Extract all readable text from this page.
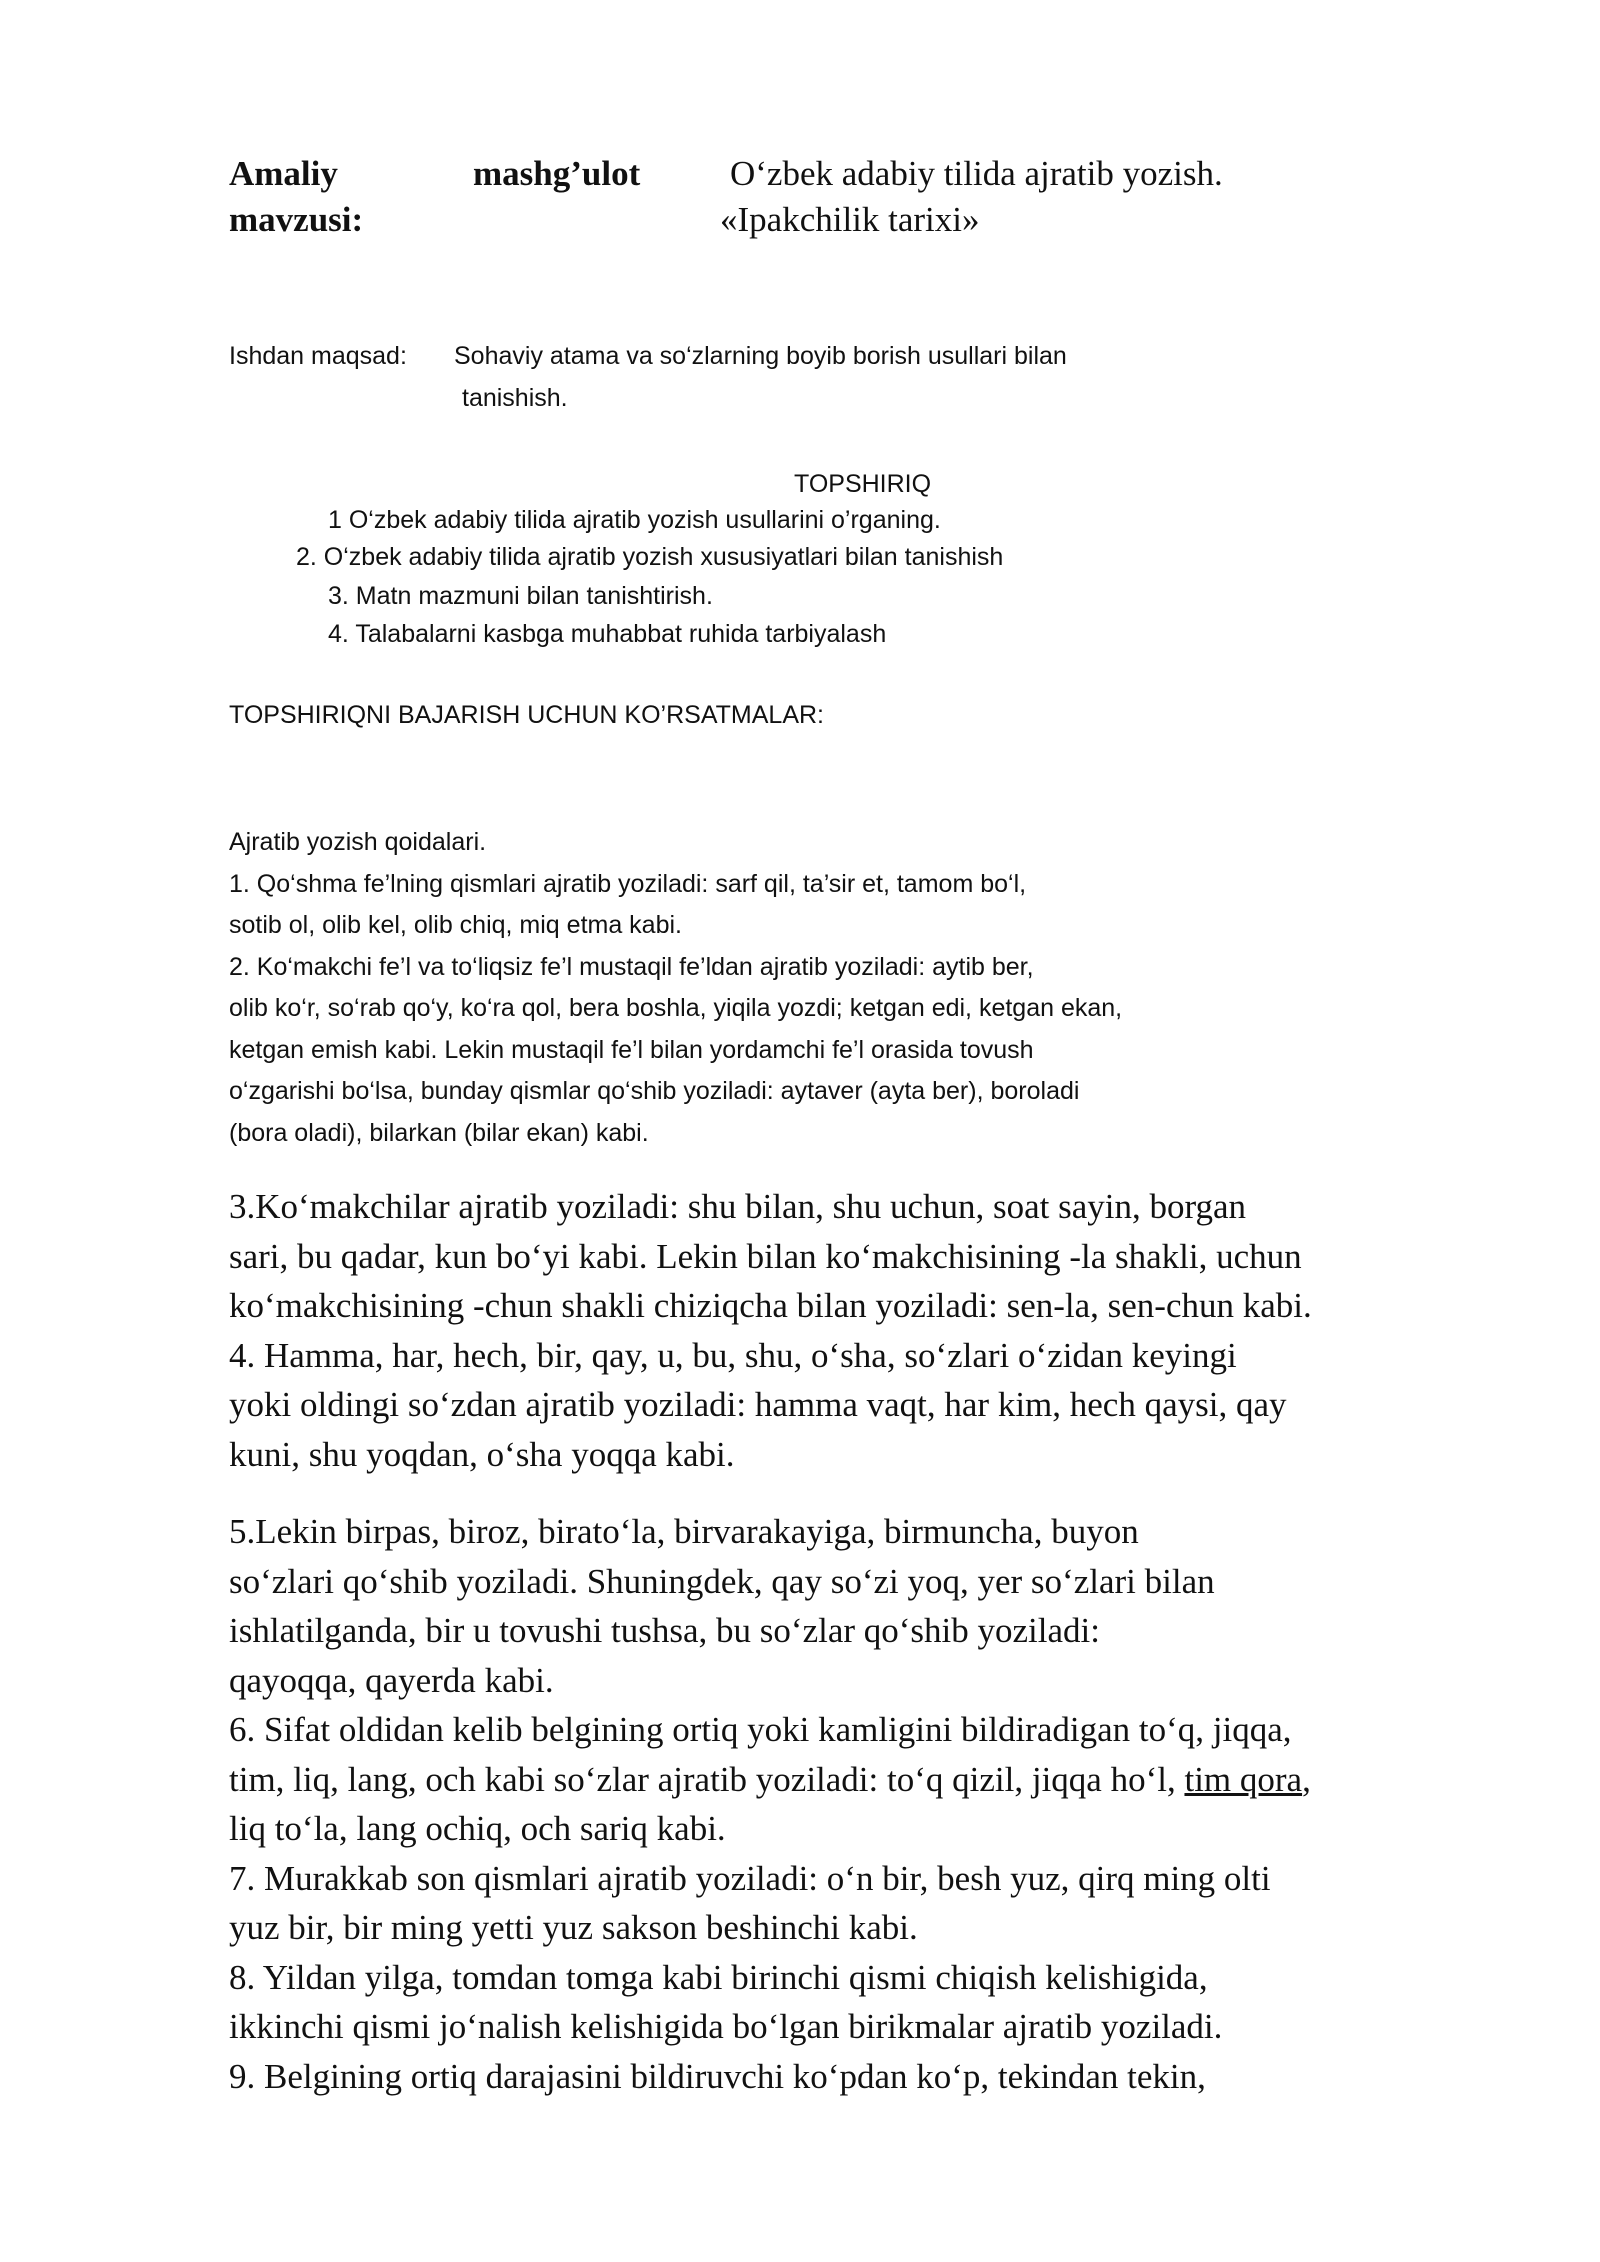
Amaliy	mashg’ulot
mavzusi:
O‘zbek adabiy tilida ajratib yozish.
«Ipakchilik tarixi»
Ishdan maqsad: Sohaviy atama va so‘zlarning boyib borish usullari bilan
tanishish.
TOPSHIRIQ
1 O‘zbek adabiy tilida ajratib yozish usullarini o’rganing.
2. O‘zbek adabiy tilida ajratib yozish xususiyatlari bilan tanishish
3. Matn mazmuni bilan tanishtirish.
4. Talabalarni kasbga muhabbat ruhida tarbiyalash
TOPSHIRIQNI BAJARISH UCHUN KO’RSATMALAR:
Ajratib yozish qoidalari.
1. Qo‘shma fe’lning qismlari ajratib yoziladi: sarf qil, ta’sir et, tamom bo‘l,
sotib ol, olib kel, olib chiq, miq etma kabi.
2. Ko‘makchi fe’l va to‘liqsiz fe’l mustaqil fe’ldan ajratib yoziladi: aytib ber,
olib ko‘r, so‘rab qo‘y, ko‘ra qol, bera boshla, yiqila yozdi; ketgan edi, ketgan ekan,
ketgan emish kabi. Lekin mustaqil fe’l bilan yordamchi fe’l orasida tovush
o‘zgarishi bo‘lsa, bunday qismlar qo‘shib yoziladi: aytaver (ayta ber), boroladi
(bora oladi), bilarkan (bilar ekan) kabi.
3.Ko‘makchilar ajratib yoziladi: shu bilan, shu uchun, soat sayin, borgan
sari, bu qadar, kun bo‘yi kabi. Lekin bilan ko‘makchisining -la shakli, uchun
ko‘makchisining -chun shakli chiziqcha bilan yoziladi: sen-la, sen-chun kabi.
4. Hamma, har, hech, bir, qay, u, bu, shu, o‘sha, so‘zlari o‘zidan keyingi
yoki oldingi so‘zdan ajratib yoziladi: hamma vaqt, har kim, hech qaysi, qay
kuni, shu yoqdan, o‘sha yoqqa kabi.
5.Lekin birpas, biroz, birato‘la, birvarakayiga, birmuncha, buyon
so‘zlari qo‘shib yoziladi. Shuningdek, qay so‘zi yoq, yer so‘zlari bilan
ishlatilganda, bir u tovushi tushsa, bu so‘zlar qo‘shib yoziladi:
qayoqqa, qayerda kabi.
6. Sifat oldidan kelib belgining ortiq yoki kamligini bildiradigan to‘q, jiqqa,
tim, liq, lang, och kabi so‘zlar ajratib yoziladi: to‘q qizil, jiqqa ho‘l, tim qora,
liq to‘la, lang ochiq, och sariq kabi.
7. Murakkab son qismlari ajratib yoziladi: o‘n bir, besh yuz, qirq ming olti
yuz bir, bir ming yetti yuz sakson beshinchi kabi.
8. Yildan yilga, tomdan tomga kabi birinchi qismi chiqish kelishigida,
ikkinchi qismi jo‘nalish kelishigida bo‘lgan birikmalar ajratib yoziladi.
9. Belgining ortiq darajasini bildiruvchi ko‘pdan ko‘p, tekindan tekin,
